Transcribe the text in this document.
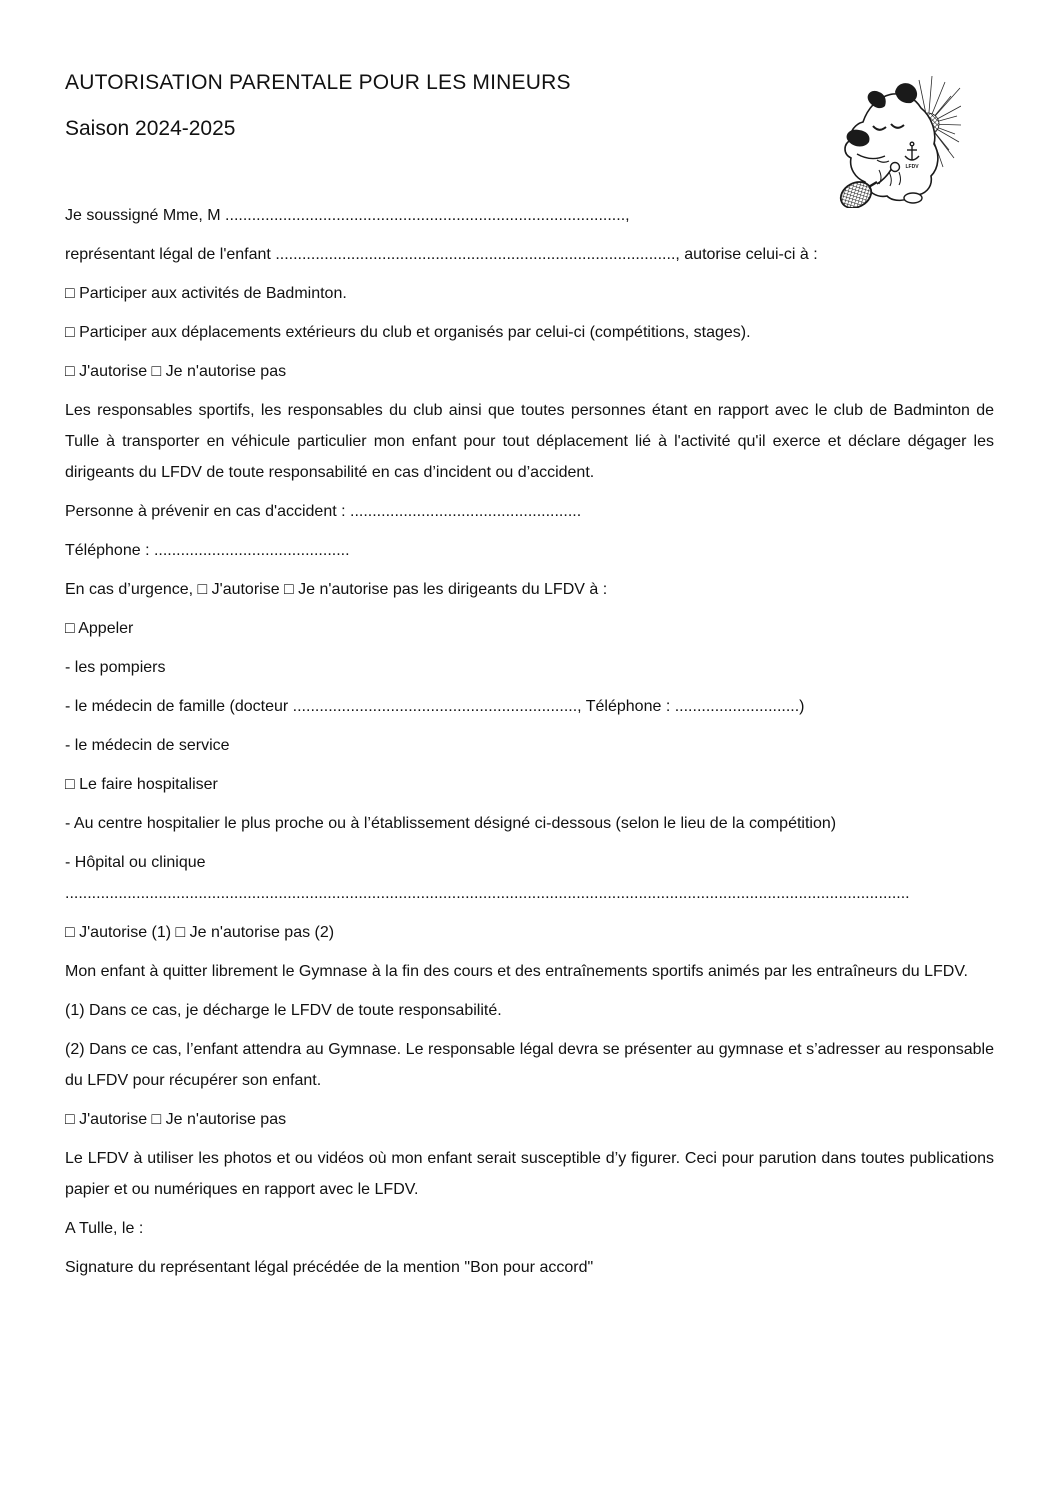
LFDV
AUTORISATION PARENTALE POUR LES MINEURS
Saison 2024-2025

Je soussigné Mme, M ..........................................................................................,

représentant légal de l'enfant .........................................................................................., autorise celui-ci à :

□ Participer aux activités de Badminton.

□ Participer aux déplacements extérieurs du club et organisés par celui-ci (compétitions, stages).

□ J'autorise □ Je n'autorise pas

Les responsables sportifs, les responsables du club ainsi que toutes personnes étant en rapport avec le club de Badminton de Tulle à transporter en véhicule particulier mon enfant pour tout déplacement lié à l'activité qu'il exerce et déclare dégager les dirigeants du LFDV de toute responsabilité en cas d’incident ou d’accident.

Personne à prévenir en cas d'accident : ....................................................

Téléphone : ............................................

En cas d’urgence, □ J'autorise □ Je n'autorise pas les dirigeants du LFDV à :

□ Appeler

- les pompiers

- le médecin de famille (docteur ................................................................, Téléphone : ............................)

- le médecin de service

□ Le faire hospitaliser

- Au centre hospitalier le plus proche ou à l’établissement désigné ci-dessous (selon le lieu de la compétition)

- Hôpital ou clinique ..............................................................................................................................................................................................

□ J'autorise (1) □ Je n'autorise pas (2)

Mon enfant à quitter librement le Gymnase à la fin des cours et des entraînements sportifs animés par les entraîneurs du LFDV.

(1) Dans ce cas, je décharge le LFDV de toute responsabilité.

(2) Dans ce cas, l’enfant attendra au Gymnase. Le responsable légal devra se présenter au gymnase et s’adresser au responsable du LFDV pour récupérer son enfant.

□ J'autorise □ Je n'autorise pas

Le LFDV à utiliser les photos et ou vidéos où mon enfant serait susceptible d’y figurer. Ceci pour parution dans toutes publications papier et ou numériques en rapport avec le LFDV.

A Tulle, le :

Signature du représentant légal précédée de la mention "Bon pour accord"
